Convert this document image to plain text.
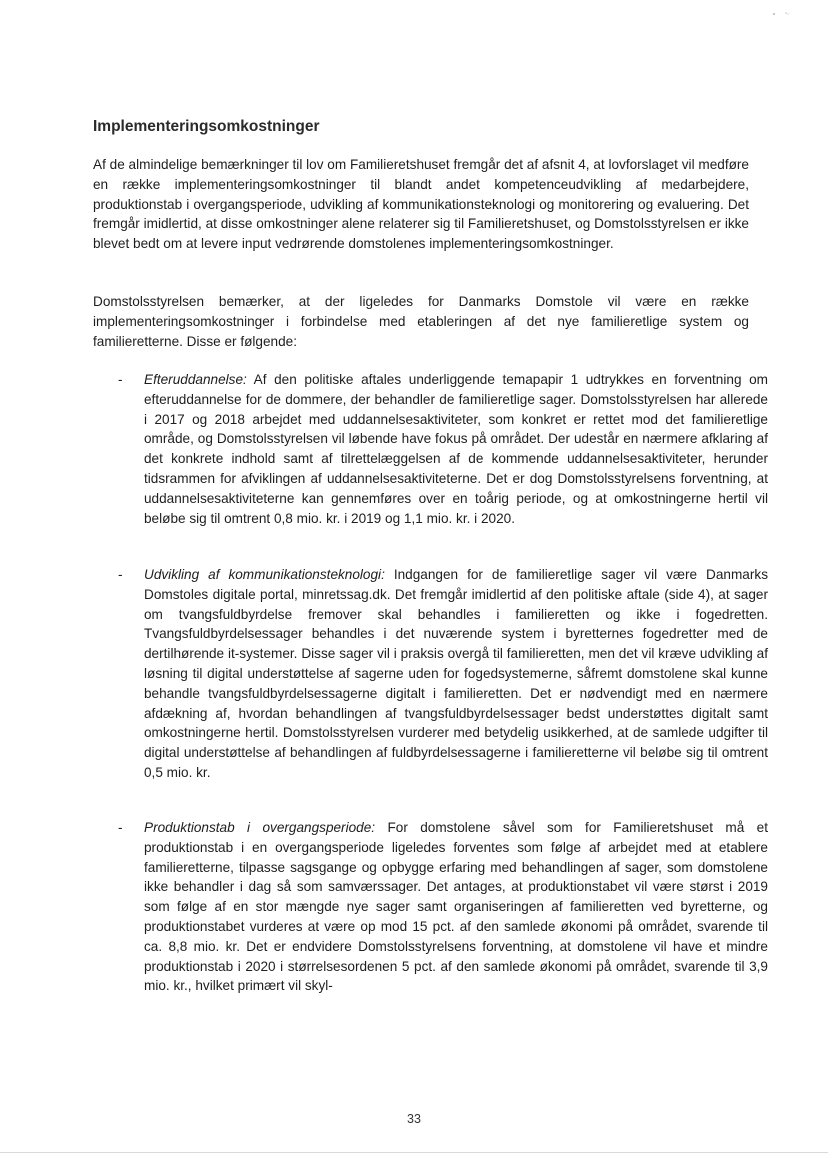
Implementeringsomkostninger

Af de almindelige bemærkninger til lov om Familieretshuset fremgår det af afsnit 4, at lovforslaget vil medføre en række implementeringsomkostninger til blandt andet kompetenceudvikling af medarbejdere, produktionstab i overgangsperiode, udvikling af kommunikationsteknologi og monitorering og evaluering. Det fremgår imidlertid, at disse omkostninger alene relaterer sig til Familieretshuset, og Domstolsstyrelsen er ikke blevet bedt om at levere input vedrørende domstolenes implementeringsomkostninger.

Domstolsstyrelsen bemærker, at der ligeledes for Danmarks Domstole vil være en række implementeringsomkostninger i forbindelse med etableringen af det nye familieretlige system og familieretterne. Disse er følgende:

- Efteruddannelse: Af den politiske aftales underliggende temapapir 1 udtrykkes en forventning om efteruddannelse for de dommere, der behandler de familieretlige sager. Domstolsstyrelsen har allerede i 2017 og 2018 arbejdet med uddannelsesaktiviteter, som konkret er rettet mod det familieretlige område, og Domstolsstyrelsen vil løbende have fokus på området. Der udestår en nærmere afklaring af det konkrete indhold samt af tilrettelæggelsen af de kommende uddannelsesaktiviteter, herunder tidsrammen for afviklingen af uddannelsesaktiviteterne. Det er dog Domstolsstyrelsens forventning, at uddannelsesaktiviteterne kan gennemføres over en toårig periode, og at omkostningerne hertil vil beløbe sig til omtrent 0,8 mio. kr. i 2019 og 1,1 mio. kr. i 2020.

- Udvikling af kommunikationsteknologi: Indgangen for de familieretlige sager vil være Danmarks Domstoles digitale portal, minretssag.dk. Det fremgår imidlertid af den politiske aftale (side 4), at sager om tvangsfuldbyrdelse fremover skal behandles i familieretten og ikke i fogedretten. Tvangsfuldbyrdelsessager behandles i det nuværende system i byretternes fogedretter med de dertilhørende it-systemer. Disse sager vil i praksis overgå til familieretten, men det vil kræve udvikling af løsning til digital understøttelse af sagerne uden for fogedsystemerne, såfremt domstolene skal kunne behandle tvangsfuldbyrdelsessagerne digitalt i familieretten. Det er nødvendigt med en nærmere afdækning af, hvordan behandlingen af tvangsfuldbyrdelsessager bedst understøttes digitalt samt omkostningerne hertil. Domstolsstyrelsen vurderer med betydelig usikkerhed, at de samlede udgifter til digital understøttelse af behandlingen af fuldbyrdelsessagerne i familieretterne vil beløbe sig til omtrent 0,5 mio. kr.

- Produktionstab i overgangsperiode: For domstolene såvel som for Familieretshuset må et produktionstab i en overgangsperiode ligeledes forventes som følge af arbejdet med at etablere familieretterne, tilpasse sagsgange og opbygge erfaring med behandlingen af sager, som domstolene ikke behandler i dag så som samværssager. Det antages, at produktionstabet vil være størst i 2019 som følge af en stor mængde nye sager samt organiseringen af familieretten ved byretterne, og produktionstabet vurderes at være op mod 15 pct. af den samlede økonomi på området, svarende til ca. 8,8 mio. kr. Det er endvidere Domstolsstyrelsens forventning, at domstolene vil have et mindre produktionstab i 2020 i størrelsesordenen 5 pct. af den samlede økonomi på området, svarende til 3,9 mio. kr., hvilket primært vil skyl-

33
